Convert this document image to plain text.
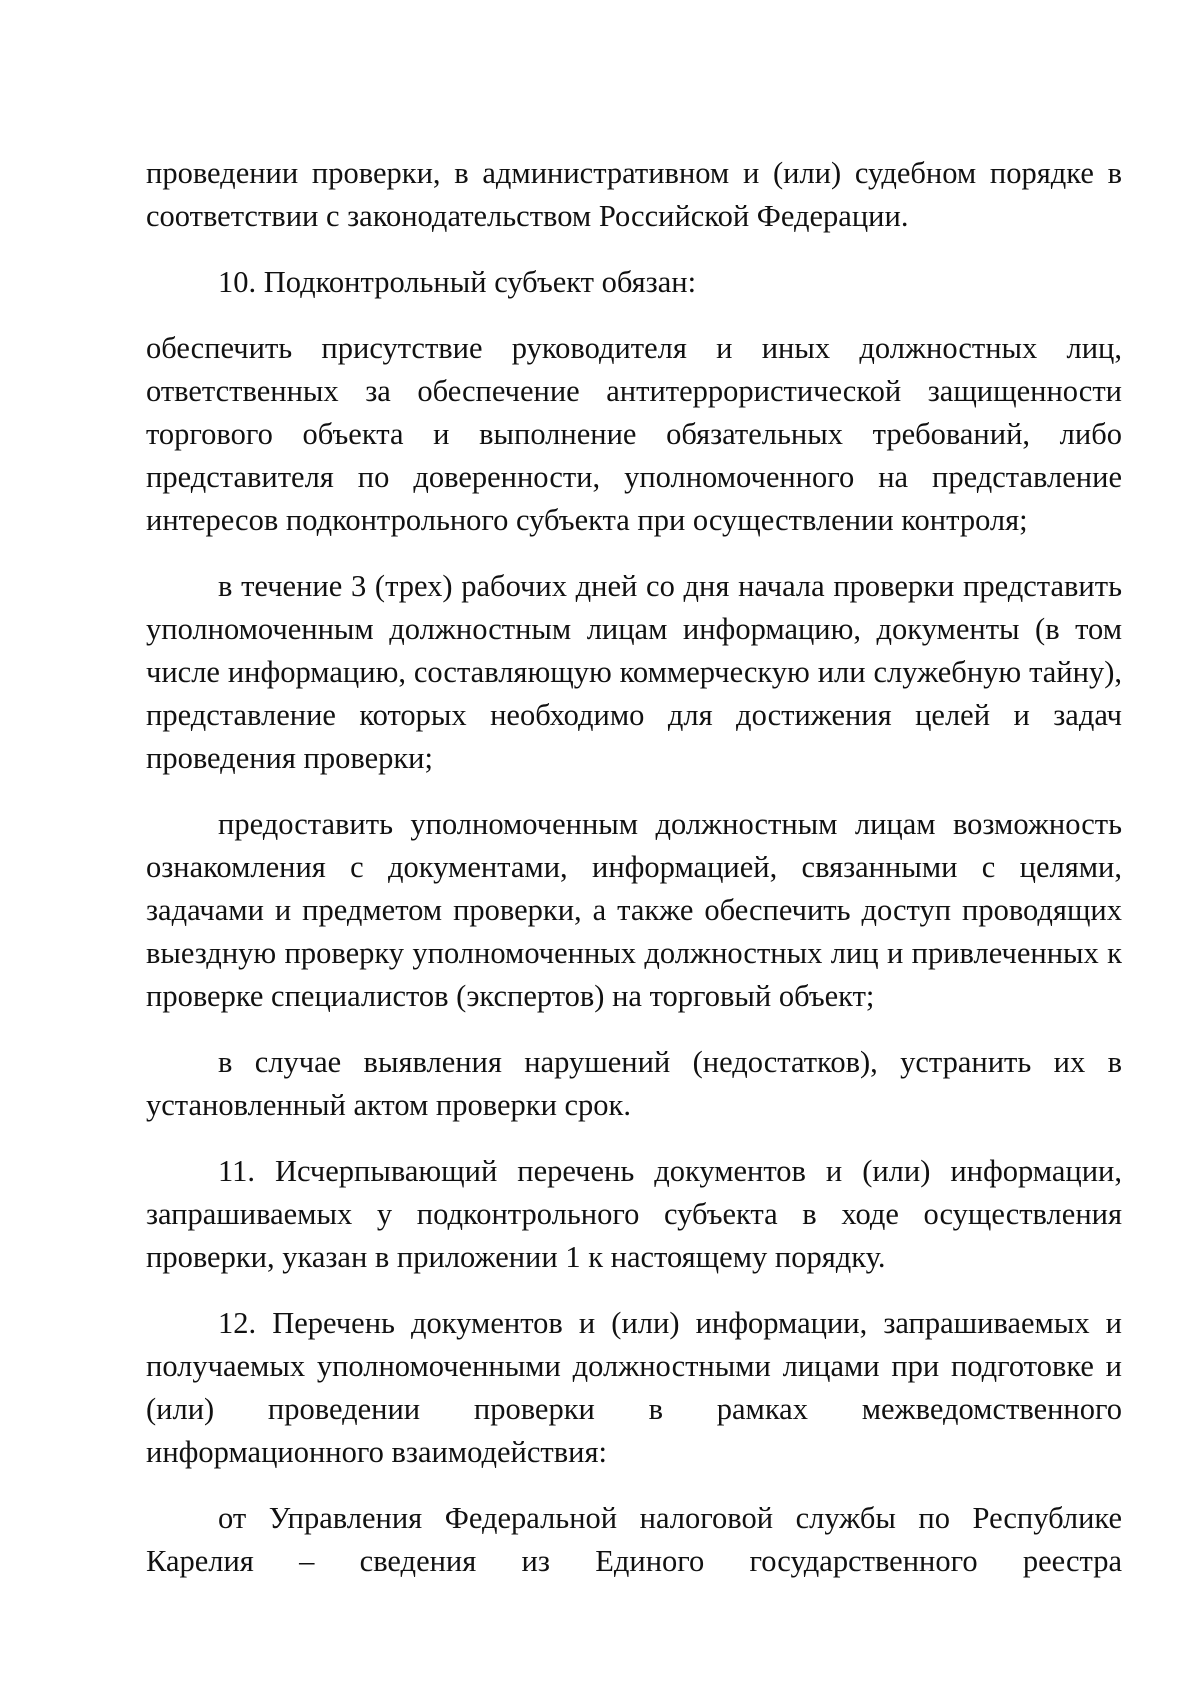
проведении проверки, в административном и (или) судебном порядке в соответствии с законодательством Российской Федерации.

10. Подконтрольный субъект обязан:

обеспечить присутствие руководителя и иных должностных лиц, ответственных за обеспечение антитеррористической защищенности торгового объекта и выполнение обязательных требований, либо представителя по доверенности, уполномоченного на представление интересов подконтрольного субъекта при осуществлении контроля;

в течение 3 (трех) рабочих дней со дня начала проверки представить уполномоченным должностным лицам информацию, документы (в том числе информацию, составляющую коммерческую или служебную тайну), представление которых необходимо для достижения целей и задач проведения проверки;

предоставить уполномоченным должностным лицам возможность ознакомления с документами, информацией, связанными с целями, задачами и предметом проверки, а также обеспечить доступ проводящих выездную проверку уполномоченных должностных лиц и привлеченных к проверке специалистов (экспертов) на торговый объект;

в случае выявления нарушений (недостатков), устранить их в установленный актом проверки срок.

11. Исчерпывающий перечень документов и (или) информации, запрашиваемых у подконтрольного субъекта в ходе осуществления проверки, указан в приложении 1 к настоящему порядку.

12. Перечень документов и (или) информации, запрашиваемых и получаемых уполномоченными должностными лицами при подготовке и (или) проведении проверки в рамках межведомственного информационного взаимодействия:

от Управления Федеральной налоговой службы по Республике Карелия – сведения из Единого государственного реестра
